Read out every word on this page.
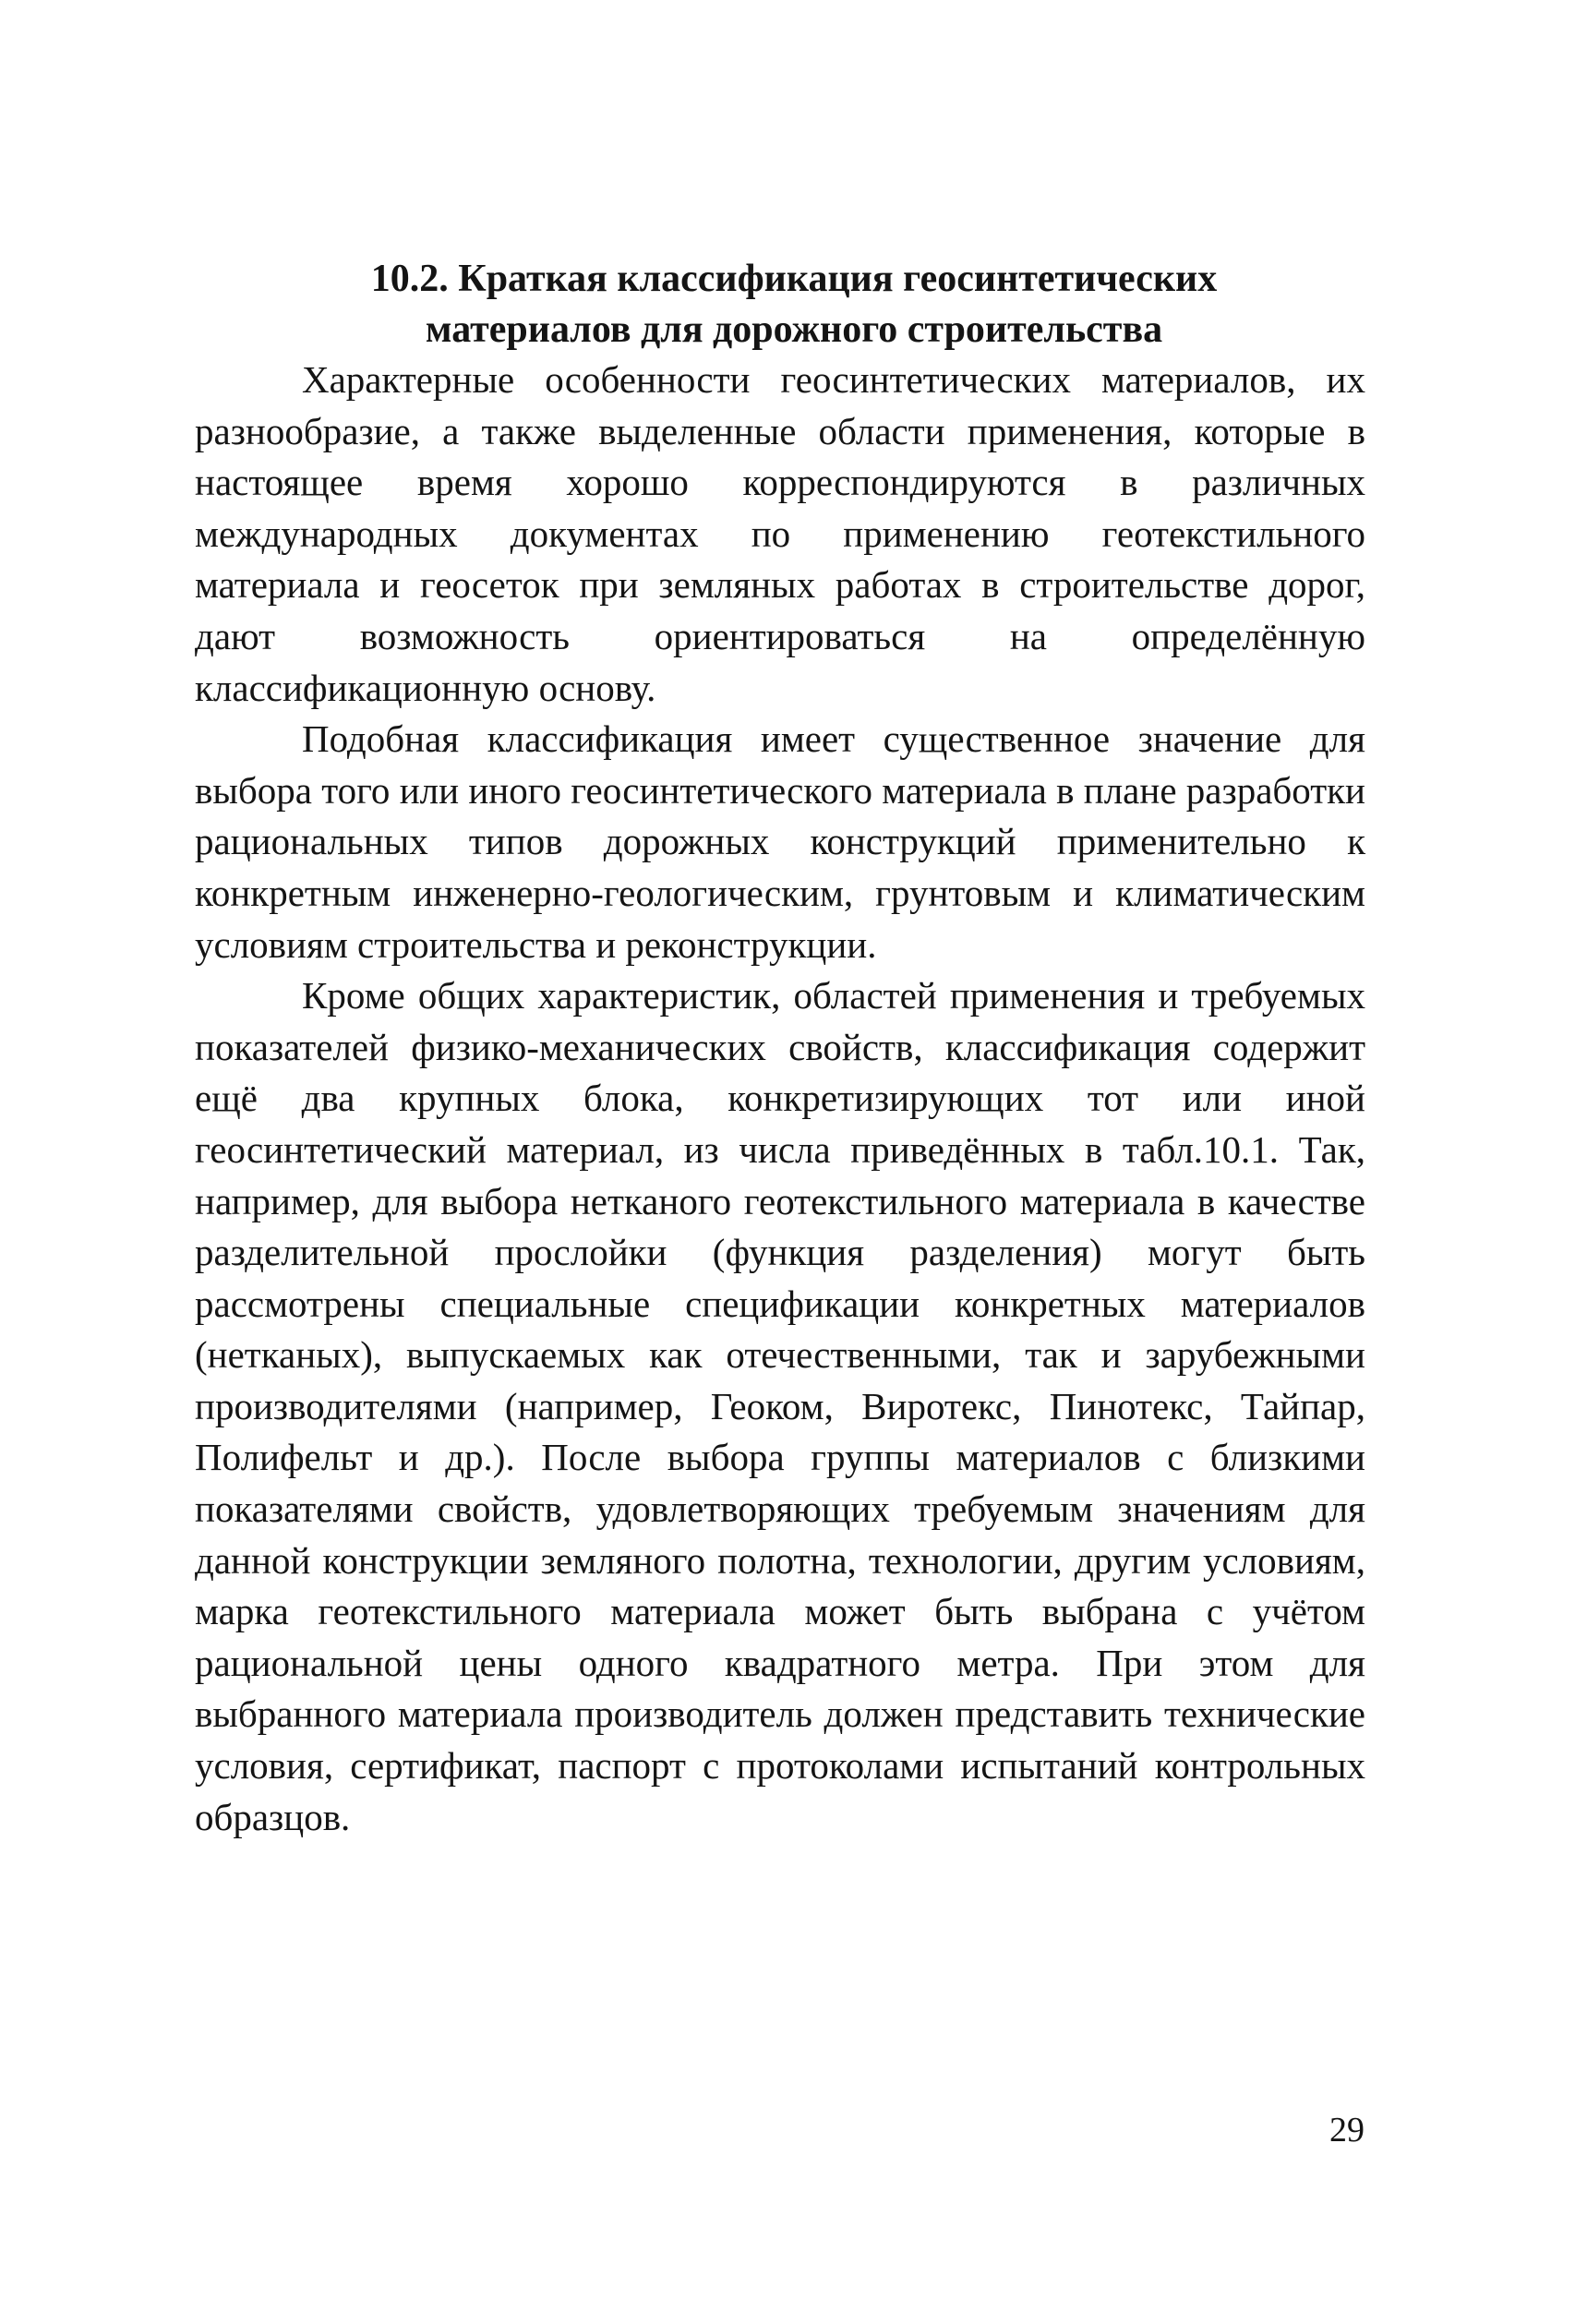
10.2. Краткая классификация геосинтетических
материалов для дорожного строительства

Характерные особенности геосинтетических материалов, их разнообразие, а также выделенные области применения, которые в настоящее время хорошо корреспондируются в различных международных документах по применению геотекстильного материала и геосеток при земляных работах в строительстве дорог, дают возможность ориентироваться на определённую классификационную основу.

Подобная классификация имеет существенное значение для выбора того или иного геосинтетического материала в плане разработки рациональных типов дорожных конструкций применительно к конкретным инженерно-геологическим, грунтовым и климатическим условиям строительства и реконструкции.

Кроме общих характеристик, областей применения и требуемых показателей физико-механических свойств, классификация содержит ещё два крупных блока, конкретизирующих тот или иной геосинтетический материал, из числа приведённых в табл.10.1. Так, например, для выбора нетканого геотекстильного материала в качестве разделительной прослойки (функция разделения) могут быть рассмотрены специальные спецификации конкретных материалов (нетканых), выпускаемых как отечественными, так и зарубежными производителями (например, Геоком, Виротекс, Пинотекс, Тайпар, Полифельт и др.). После выбора группы материалов с близкими показателями свойств, удовлетворяющих требуемым значениям для данной конструкции земляного полотна, технологии, другим условиям, марка геотекстильного материала может быть выбрана с учётом рациональной цены одного квадратного метра. При этом для выбранного материала производитель должен представить технические условия, сертификат, паспорт с протоколами испытаний контрольных образцов.

29
